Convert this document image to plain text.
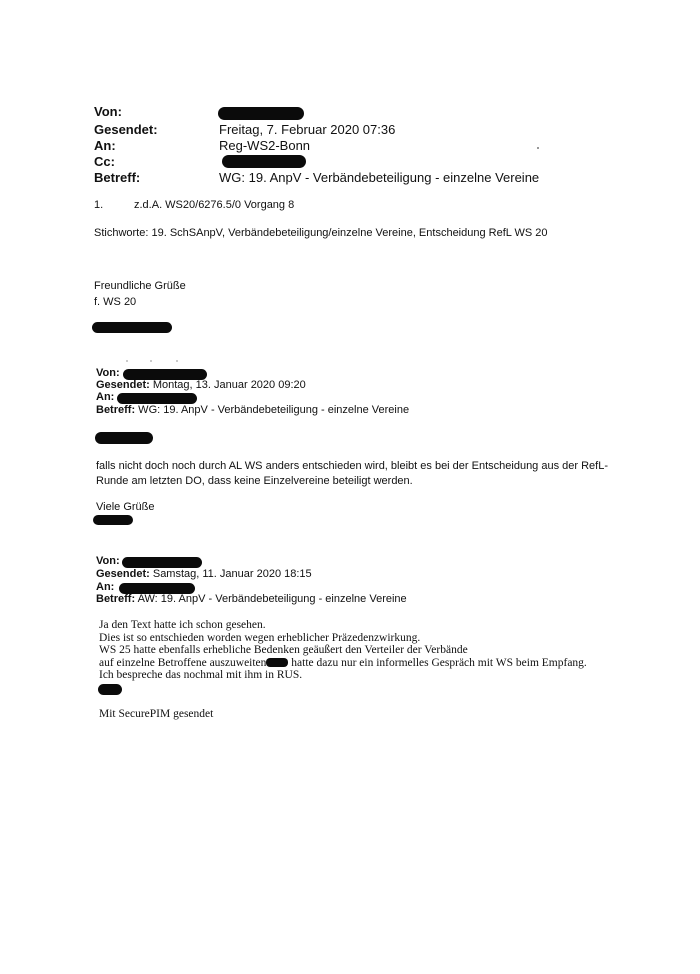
Von:
Gesendet:	Freitag, 7. Februar 2020 07:36
An:	Reg-WS2-Bonn
Cc:
Betreff:	WG: 19. AnpV - Verbändebeteiligung - einzelne Vereine
1.	z.d.A. WS20/6276.5/0 Vorgang 8
Stichworte: 19. SchSAnpV, Verbändebeteiligung/einzelne Vereine, Entscheidung RefL WS 20
Freundliche Grüße
f. WS 20
Von:
Gesendet: Montag, 13. Januar 2020 09:20
An:
Betreff: WG: 19. AnpV - Verbändebeteiligung - einzelne Vereine
falls nicht doch noch durch AL WS anders entschieden wird, bleibt es bei der Entscheidung aus der RefL-
Runde am letzten DO, dass keine Einzelvereine beteiligt werden.
Viele Grüße
Von:
Gesendet: Samstag, 11. Januar 2020 18:15
An:
Betreff: AW: 19. AnpV - Verbändebeteiligung - einzelne Vereine
Ja den Text hatte ich schon gesehen.
Dies ist so entschieden worden wegen erheblicher Präzedenzwirkung.
WS 25 hatte ebenfalls erhebliche Bedenken geäußert den Verteiler der Verbände
auf einzelne Betroffene auszuweiten hatte dazu nur ein informelles Gespräch mit WS beim Empfang.
Ich bespreche das nochmal mit ihm in RUS.
Mit SecurePIM gesendet
